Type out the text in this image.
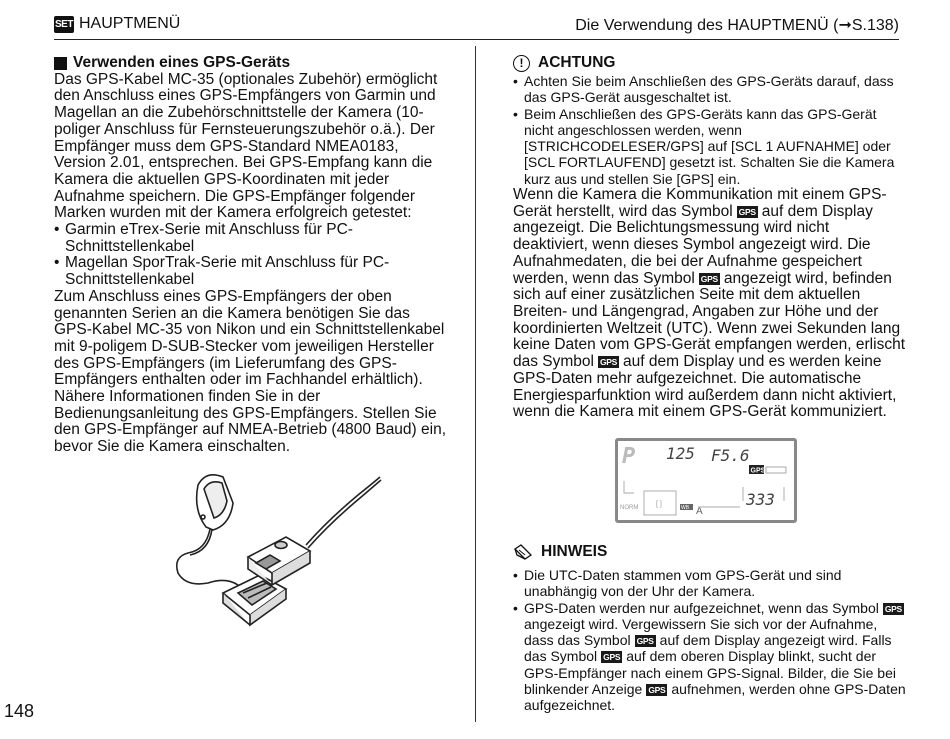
SET HAUPTMENÜ	Die Verwendung des HAUPTMENÜ (➞S.138)
Verwenden eines GPS-Geräts

Das GPS-Kabel MC-35 (optionales Zubehör) ermöglicht den Anschluss eines GPS-Empfängers von Garmin und Magellan an die Zubehörschnittstelle der Kamera (10-poliger Anschluss für Fernsteuerungszubehör o.ä.). Der Empfänger muss dem GPS-Standard NMEA0183, Version 2.01, entsprechen. Bei GPS-Empfang kann die Kamera die aktuellen GPS-Koordinaten mit jeder Aufnahme speichern. Die GPS-Empfänger folgender Marken wurden mit der Kamera erfolgreich getestet:

• Garmin eTrex-Serie mit Anschluss für PC-Schnittstellenkabel
• Magellan SporTrak-Serie mit Anschluss für PC-Schnittstellenkabel

Zum Anschluss eines GPS-Empfängers der oben genannten Serien an die Kamera benötigen Sie das GPS-Kabel MC-35 von Nikon und ein Schnittstellenkabel mit 9-poligem D-SUB-Stecker vom jeweiligen Hersteller des GPS-Empfängers (im Lieferumfang des GPS-Empfängers enthalten oder im Fachhandel erhältlich). Nähere Informationen finden Sie in der Bedienungsanleitung des GPS-Empfängers. Stellen Sie den GPS-Empfänger auf NMEA-Betrieb (4800 Baud) ein, bevor Sie die Kamera einschalten.

! ACHTUNG
• Achten Sie beim Anschließen des GPS-Geräts darauf, dass das GPS-Gerät ausgeschaltet ist.
• Beim Anschließen des GPS-Geräts kann das GPS-Gerät nicht angeschlossen werden, wenn [STRICHCODELESER/GPS] auf [SCL 1 AUFNAHME] oder [SCL FORTLAUFEND] gesetzt ist. Schalten Sie die Kamera kurz aus und stellen Sie [GPS] ein.

Wenn die Kamera die Kommunikation mit einem GPS-Gerät herstellt, wird das Symbol GPS auf dem Display angezeigt. Die Belichtungsmessung wird nicht deaktiviert, wenn dieses Symbol angezeigt wird. Die Aufnahmedaten, die bei der Aufnahme gespeichert werden, wenn das Symbol GPS angezeigt wird, befinden sich auf einer zusätzlichen Seite mit dem aktuellen Breiten- und Längengrad, Angaben zur Höhe und der koordinierten Weltzeit (UTC). Wenn zwei Sekunden lang keine Daten vom GPS-Gerät empfangen werden, erlischt das Symbol GPS auf dem Display und es werden keine GPS-Daten mehr aufgezeichnet. Die automatische Energiesparfunktion wird außerdem dann nicht aktiviert, wenn die Kamera mit einem GPS-Gerät kommuniziert.

P 125 F5.6
333
GPS
NORM	WB A
[ ]
HINWEIS
• Die UTC-Daten stammen vom GPS-Gerät und sind unabhängig von der Uhr der Kamera.
• GPS-Daten werden nur aufgezeichnet, wenn das Symbol GPSangezeigt wird. Vergewissern Sie sich vor der Aufnahme, dass das Symbol GPS auf dem Display angezeigt wird. Falls das Symbol GPS auf dem oberen Display blinkt, sucht der GPS-Empfänger nach einem GPS-Signal. Bilder, die Sie bei blinkender Anzeige GPS aufnehmen, werden ohne GPS-Daten aufgezeichnet.
148
